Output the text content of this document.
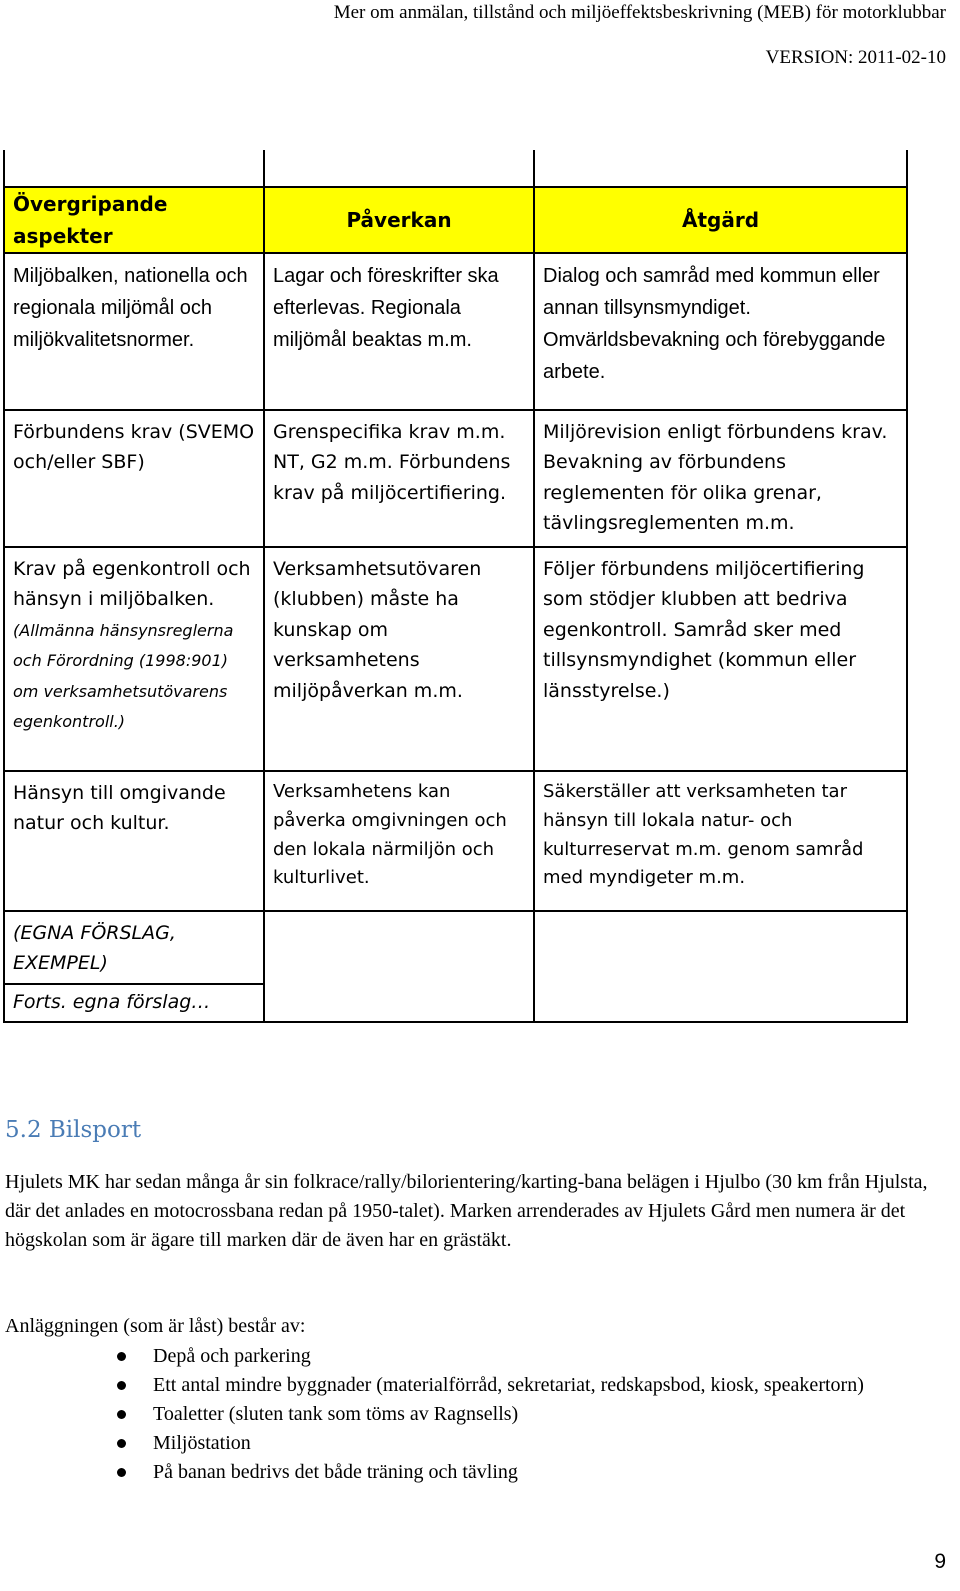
Mer om anmälan, tillstånd och miljöeffektsbeskrivning (MEB) för motorklubbar
VERSION: 2011-02-10

Övergripande aspekter	Påverkan	Åtgärd
Miljöbalken, nationella och regionala miljömål och miljökvalitetsnormer.	Lagar och föreskrifter ska efterlevas. Regionala miljömål beaktas m.m.	Dialog och samråd med kommun eller annan tillsynsmyndiget. Omvärldsbevakning och förebyggande arbete.
Förbundens krav (SVEMO och/eller SBF)	Grenspecifika krav m.m. NT, G2 m.m. Förbundens krav på miljöcertifiering.	Miljörevision enligt förbundens krav. Bevakning av förbundens reglementen för olika grenar, tävlingsreglementen m.m.
Krav på egenkontroll och hänsyn i miljöbalken. (Allmänna hänsynsreglerna och Förordning (1998:901) om verksamhetsutövarens egenkontroll.)	Verksamhetsutövaren (klubben) måste ha kunskap om verksamhetens miljöpåverkan m.m.	Följer förbundens miljöcertifiering som stödjer klubben att bedriva egenkontroll. Samråd sker med tillsynsmyndighet (kommun eller länsstyrelse.)
Hänsyn till omgivande natur och kultur.	Verksamhetens kan påverka omgivningen och den lokala närmiljön och kulturlivet.	Säkerställer att verksamheten tar hänsyn till lokala natur- och kulturreservat m.m. genom samråd med myndigeter m.m.
(EGNA FÖRSLAG, EXEMPEL)		
Forts. egna förslag…		
5.2 Bilsport

Hjulets MK har sedan många år sin folkrace/rally/bilorientering/karting-bana belägen i Hjulbo (30 km från Hjulsta, där det anlades en motocrossbana redan på 1950-talet). Marken arrenderades av Hjulets Gård men numera är det högskolan som är ägare till marken där de även har en grästäkt.

Anläggningen (som är låst) består av:

Depå och parkering
Ett antal mindre byggnader (materialförråd, sekretariat, redskapsbod, kiosk, speakertorn)
Toaletter (sluten tank som töms av Ragnsells)
Miljöstation
På banan bedrivs det både träning och tävling
9
